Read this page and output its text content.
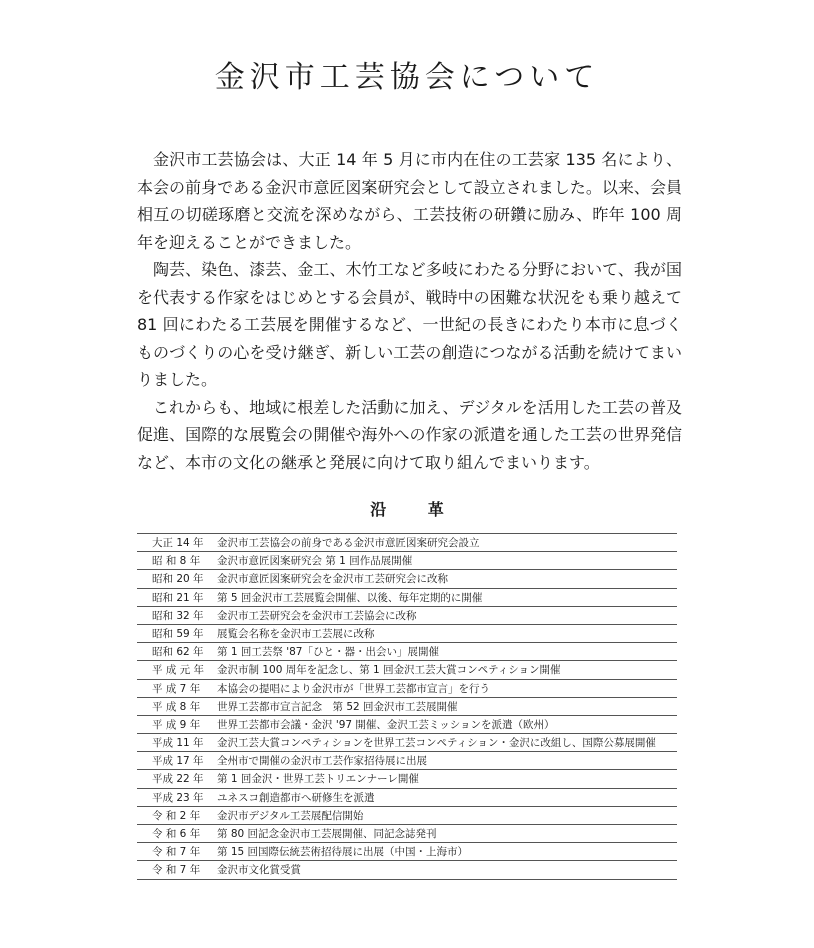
金沢市工芸協会について

金沢市工芸協会は、大正 14 年 5 月に市内在住の工芸家 135 名により、本会の前身である金沢市意匠図案研究会として設立されました。以来、会員相互の切磋琢磨と交流を深めながら、工芸技術の研鑽に励み、昨年 100 周年を迎えることができました。

陶芸、染色、漆芸、金工、木竹工など多岐にわたる分野において、我が国を代表する作家をはじめとする会員が、戦時中の困難な状況をも乗り越えて 81 回にわたる工芸展を開催するなど、一世紀の長きにわたり本市に息づくものづくりの心を受け継ぎ、新しい工芸の創造につながる活動を続けてまいりました。

これからも、地域に根差した活動に加え、デジタルを活用した工芸の普及促進、国際的な展覧会の開催や海外への作家の派遣を通した工芸の世界発信など、本市の文化の継承と発展に向けて取り組んでまいります。

沿 革
大正 14 年	金沢市工芸協会の前身である金沢市意匠図案研究会設立
昭 和 8 年	金沢市意匠図案研究会 第 1 回作品展開催
昭和 20 年	金沢市意匠図案研究会を金沢市工芸研究会に改称
昭和 21 年	第 5 回金沢市工芸展覧会開催、以後、毎年定期的に開催
昭和 32 年	金沢市工芸研究会を金沢市工芸協会に改称
昭和 59 年	展覧会名称を金沢市工芸展に改称
昭和 62 年	第 1 回工芸祭 '87「ひと・器・出会い」展開催
平 成 元 年	金沢市制 100 周年を記念し、第 1 回金沢工芸大賞コンペティション開催
平 成 7 年	本協会の提唱により金沢市が「世界工芸都市宣言」を行う
平 成 8 年	世界工芸都市宣言記念　第 52 回金沢市工芸展開催
平 成 9 年	世界工芸都市会議・金沢 '97 開催、金沢工芸ミッションを派遣（欧州）
平成 11 年	金沢工芸大賞コンペティションを世界工芸コンペティション・金沢に改組し、国際公募展開催
平成 17 年	全州市で開催の金沢市工芸作家招待展に出展
平成 22 年	第 1 回金沢・世界工芸トリエンナーレ開催
平成 23 年	ユネスコ創造都市へ研修生を派遣
令 和 2 年	金沢市デジタル工芸展配信開始
令 和 6 年	第 80 回記念金沢市工芸展開催、同記念誌発刊
令 和 7 年	第 15 回国際伝統芸術招待展に出展（中国・上海市）
令 和 7 年	金沢市文化賞受賞
